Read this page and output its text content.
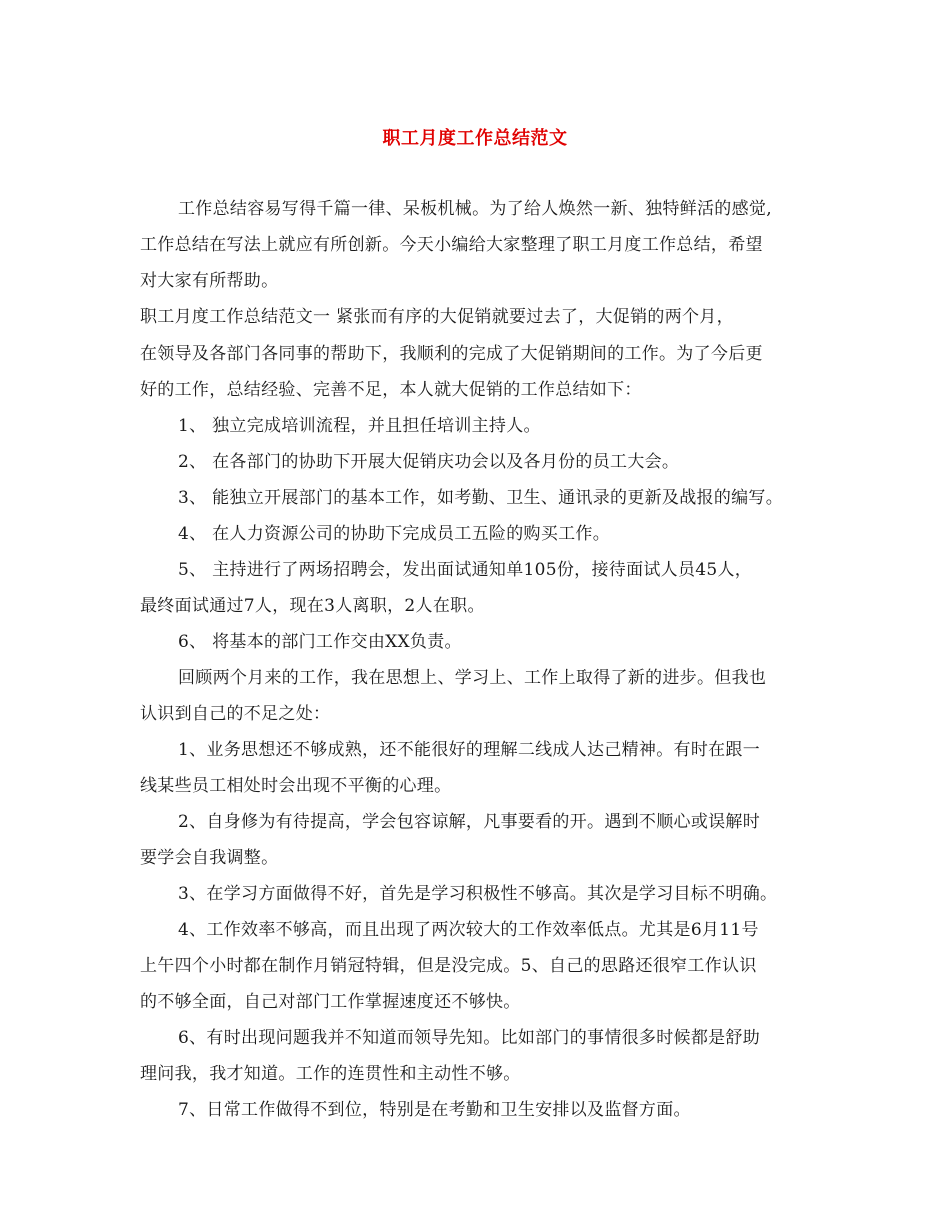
职工月度工作总结范文
工作总结容易写得千篇一律、呆板机械。为了给人焕然一新、独特鲜活的感觉,
工作总结在写法上就应有所创新。今天小编给大家整理了职工月度工作总结，希望
对大家有所帮助。
职工月度工作总结范文一 紧张而有序的大促销就要过去了，大促销的两个月，
在领导及各部门各同事的帮助下，我顺利的完成了大促销期间的工作。为了今后更
好的工作，总结经验、完善不足，本人就大促销的工作总结如下：
1、 独立完成培训流程，并且担任培训主持人。
2、 在各部门的协助下开展大促销庆功会以及各月份的员工大会。
3、 能独立开展部门的基本工作，如考勤、卫生、通讯录的更新及战报的编写。
4、 在人力资源公司的协助下完成员工五险的购买工作。
5、 主持进行了两场招聘会，发出面试通知单105份，接待面试人员45人，
最终面试通过7人，现在3人离职，2人在职。
6、 将基本的部门工作交由XX负责。
回顾两个月来的工作，我在思想上、学习上、工作上取得了新的进步。但我也
认识到自己的不足之处：
1、业务思想还不够成熟，还不能很好的理解二线成人达己精神。有时在跟一
线某些员工相处时会出现不平衡的心理。
2、自身修为有待提高，学会包容谅解，凡事要看的开。遇到不顺心或误解时
要学会自我调整。
3、在学习方面做得不好，首先是学习积极性不够高。其次是学习目标不明确。
4、工作效率不够高，而且出现了两次较大的工作效率低点。尤其是6月11号
上午四个小时都在制作月销冠特辑，但是没完成。5、自己的思路还很窄工作认识
的不够全面，自己对部门工作掌握速度还不够快。
6、有时出现问题我并不知道而领导先知。比如部门的事情很多时候都是舒助
理问我，我才知道。工作的连贯性和主动性不够。
7、日常工作做得不到位，特别是在考勤和卫生安排以及监督方面。
